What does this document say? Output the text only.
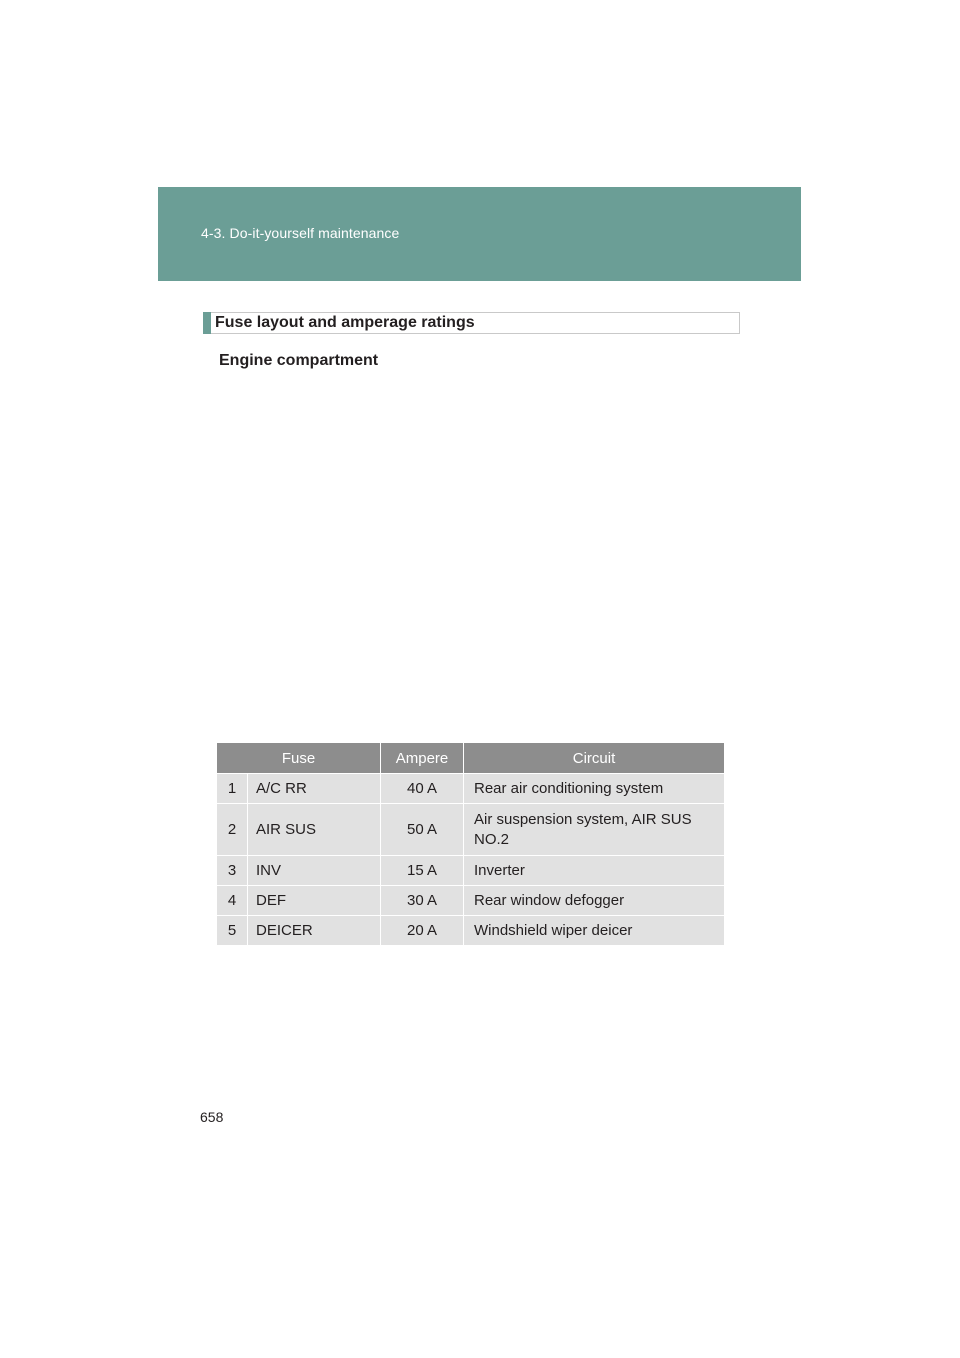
4-3. Do-it-yourself maintenance
Fuse layout and amperage ratings
Engine compartment
Fuse		Ampere	Circuit
1	A/C RR	40 A	Rear air conditioning system
2	AIR SUS	50 A	Air suspension system, AIR SUS NO.2
3	INV	15 A	Inverter
4	DEF	30 A	Rear window defogger
5	DEICER	20 A	Windshield wiper deicer
658
